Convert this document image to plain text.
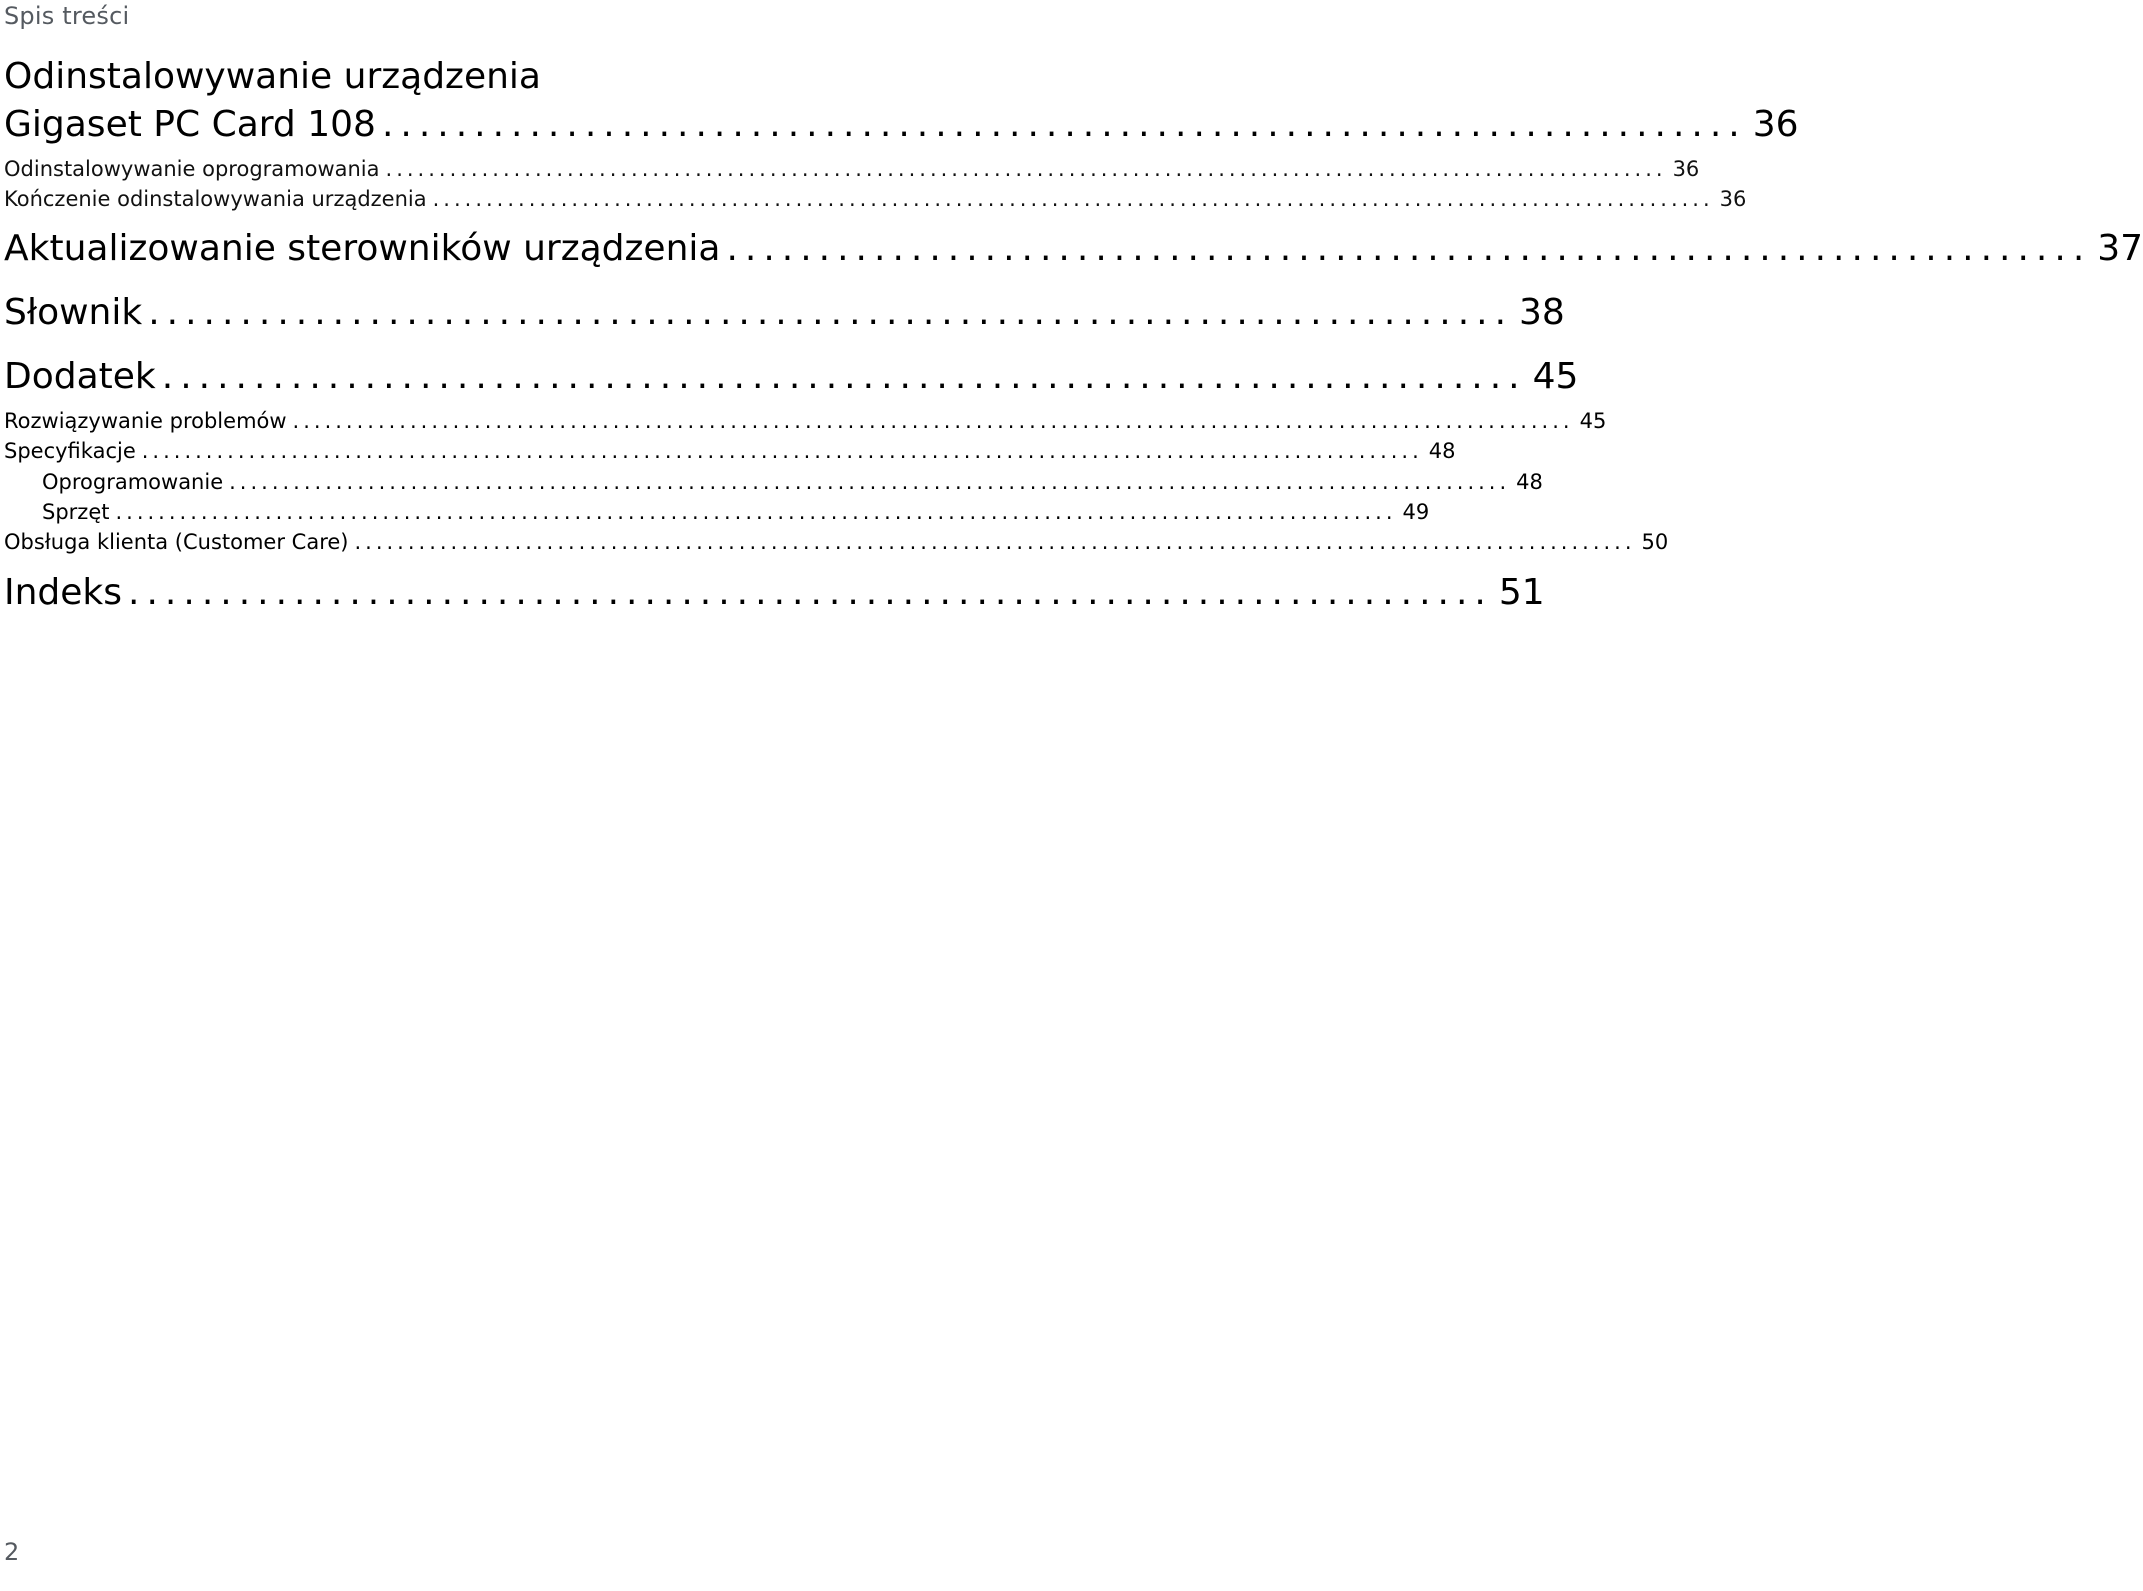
Spis treści
Odinstalowywanie urządzenia
Gigaset PC Card 108 .......................................................................... 36
Odinstalowywanie oprogramowania ........................................................................................................................ 36
Kończenie odinstalowywania urządzenia ........................................................................................................................ 36
Aktualizowanie sterowników urządzenia .......................................................................... 37
Słownik .......................................................................... 38
Dodatek .......................................................................... 45
Rozwiązywanie problemów ........................................................................................................................ 45
Specyfikacje ........................................................................................................................ 48
Oprogramowanie ........................................................................................................................ 48
Sprzęt ........................................................................................................................ 49
Obsługa klienta (Customer Care) ........................................................................................................................ 50
Indeks .......................................................................... 51
2
